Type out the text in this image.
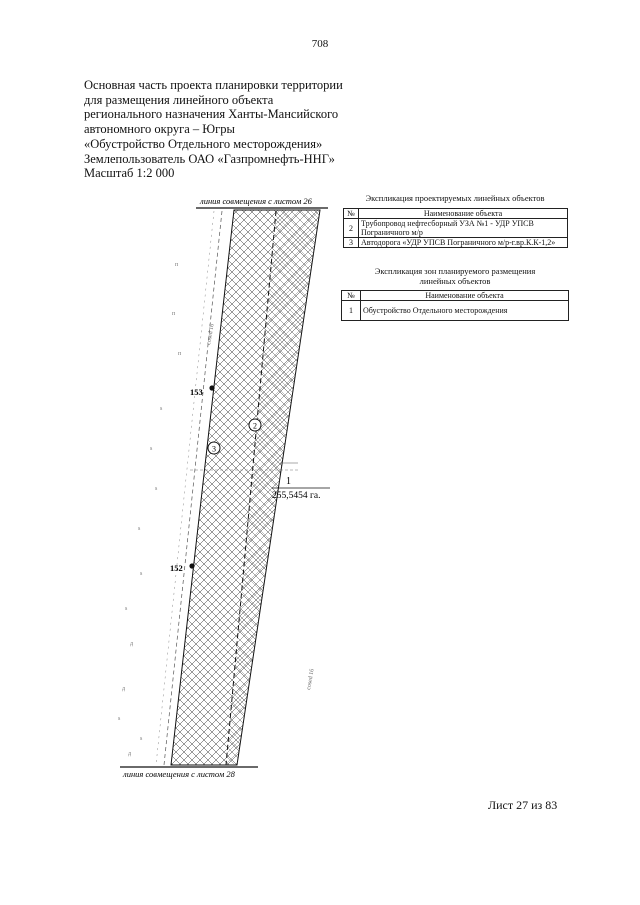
708
Основная часть проекта планировки территории
для размещения линейного объекта
регионального назначения Ханты-Мансийского
автономного округа – Югры
«Обустройство Отдельного месторождения»
Землепользователь ОАО «Газпромнефть-ННГ»
Масштаб 1:2 000
линия совмещения с листом 26
п
п
п
s
s
s
s
s
s
д
д
s
s
д
cosed 16
cosed 16
1
255,5454 га.
2
3
153
152
линия совмещения с листом 28
Экспликация проектируемых линейных объектов
№	Наименование объекта
2	Трубопровод нефтесборный УЗА №1 - УДР УПСВ Пограничного м/р
3	Автодорога «УДР УПСВ Пограничного м/р-г.вр.К.К-1,2»
Экспликация зон планируемого размещения
линейных объектов
№	Наименование объекта
1	Обустройство Отдельного месторождения
Лист 27 из 83
